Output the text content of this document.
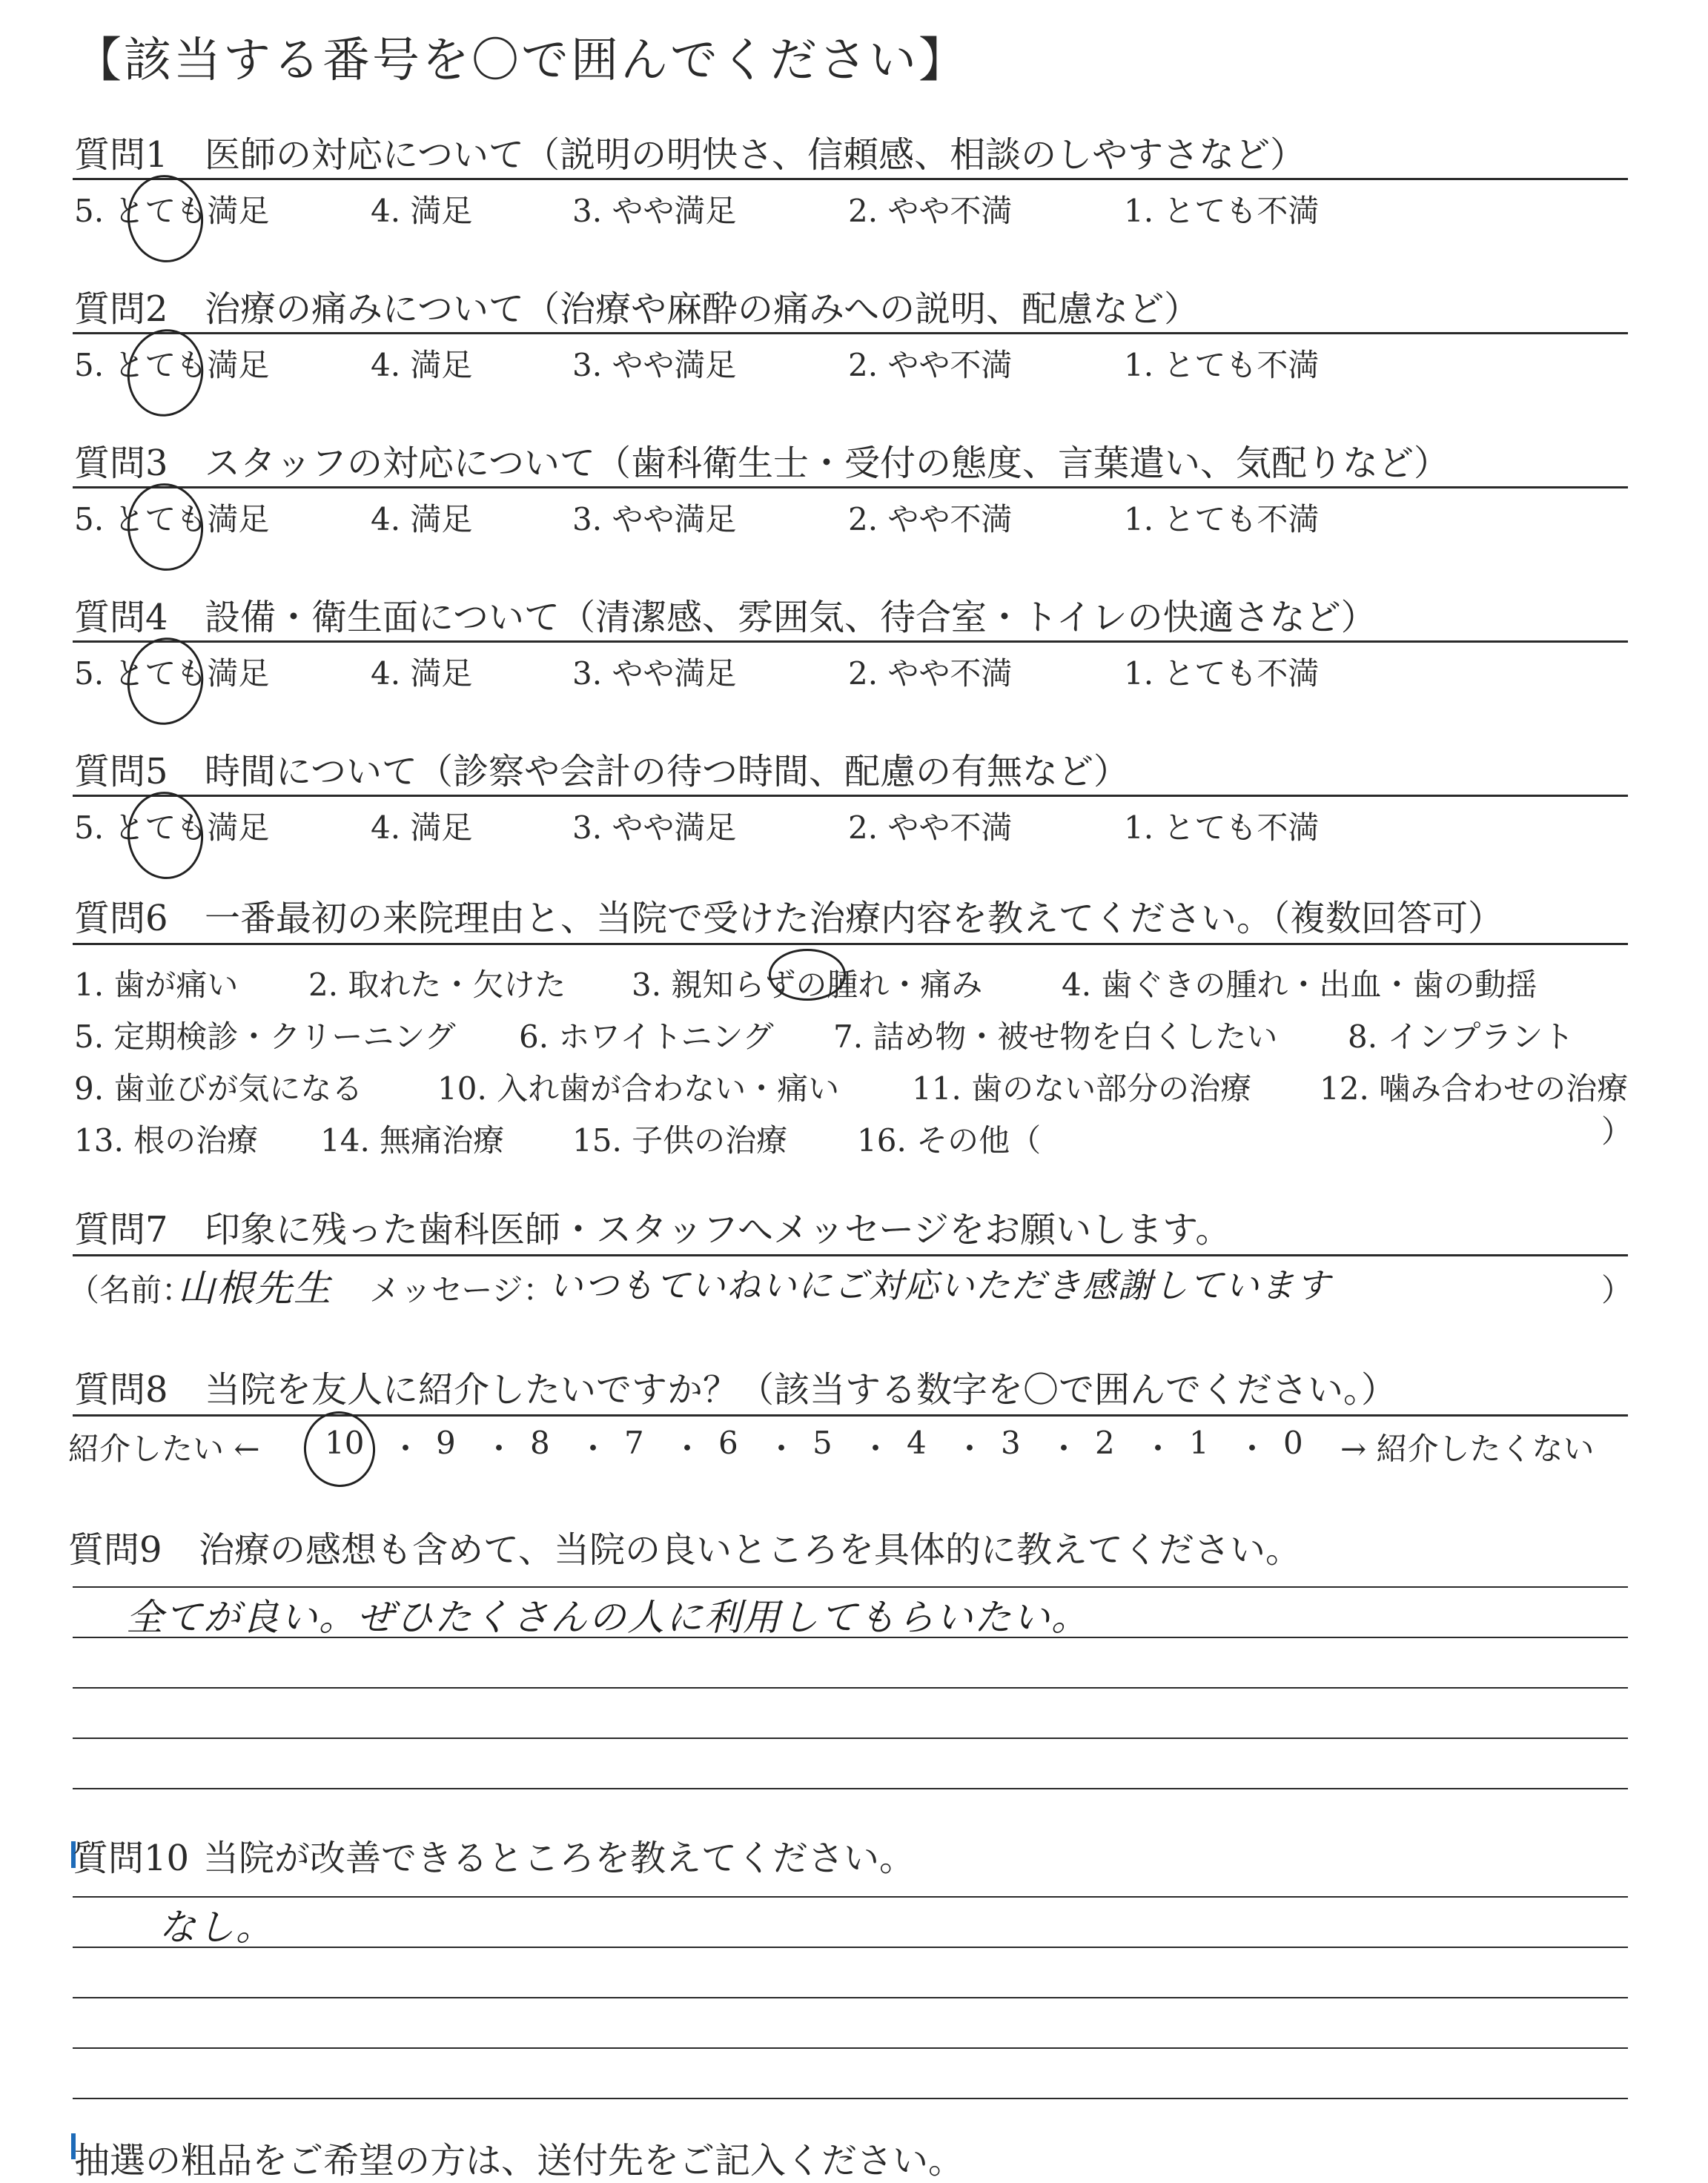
【該当する番号を〇で囲んでください】
質問1 医師の対応について（説明の明快さ、信頼感、相談のしやすさなど）
5. とても満足	4. 満足	3. やや満足	2. やや不満	1. とても不満
質問2 治療の痛みについて（治療や麻酔の痛みへの説明、配慮など）
5. とても満足	4. 満足	3. やや満足	2. やや不満	1. とても不満
質問3 スタッフの対応について（歯科衛生士・受付の態度、言葉遣い、気配りなど）
5. とても満足	4. 満足	3. やや満足	2. やや不満	1. とても不満
質問4 設備・衛生面について（清潔感、雰囲気、待合室・トイレの快適さなど）
5. とても満足	4. 満足	3. やや満足	2. やや不満	1. とても不満
質問5 時間について（診察や会計の待つ時間、配慮の有無など）
5. とても満足	4. 満足	3. やや満足	2. やや不満	1. とても不満
質問6 一番最初の来院理由と、当院で受けた治療内容を教えてください。（複数回答可）
1. 歯が痛い 2. 取れた・欠けた 3. 親知らずの腫れ・痛み	4. 歯ぐきの腫れ・出血・歯の動揺
5. 定期検診・クリーニング 6. ホワイトニング 7. 詰め物・被せ物を白くしたい 8. インプラント
9. 歯並びが気になる 10. 入れ歯が合わない・痛い 11. 歯のない部分の治療 12. 噛み合わせの治療
13. 根の治療 14. 無痛治療 15. 子供の治療 16. その他（	）
質問7 印象に残った歯科医師・スタッフへメッセージをお願いします。
（名前：
山根先生 メッセージ：
いつもていねいにご対応いただき感謝しています	）
質問8 当院を友人に紹介したいですか？（該当する数字を〇で囲んでください。）
紹介したい ← 10 ・ 9 ・ 8 ・ 7 ・ 6 ・ 5 ・ 4 ・ 3 ・ 2 ・ 1 ・ 0 → 紹介したくない
質問9 治療の感想も含めて、当院の良いところを具体的に教えてください。
全てが良い。ぜひたくさんの人に利用してもらいたい。
質問10 当院が改善できるところを教えてください。
なし。
抽選の粗品をご希望の方は、送付先をご記入ください。
